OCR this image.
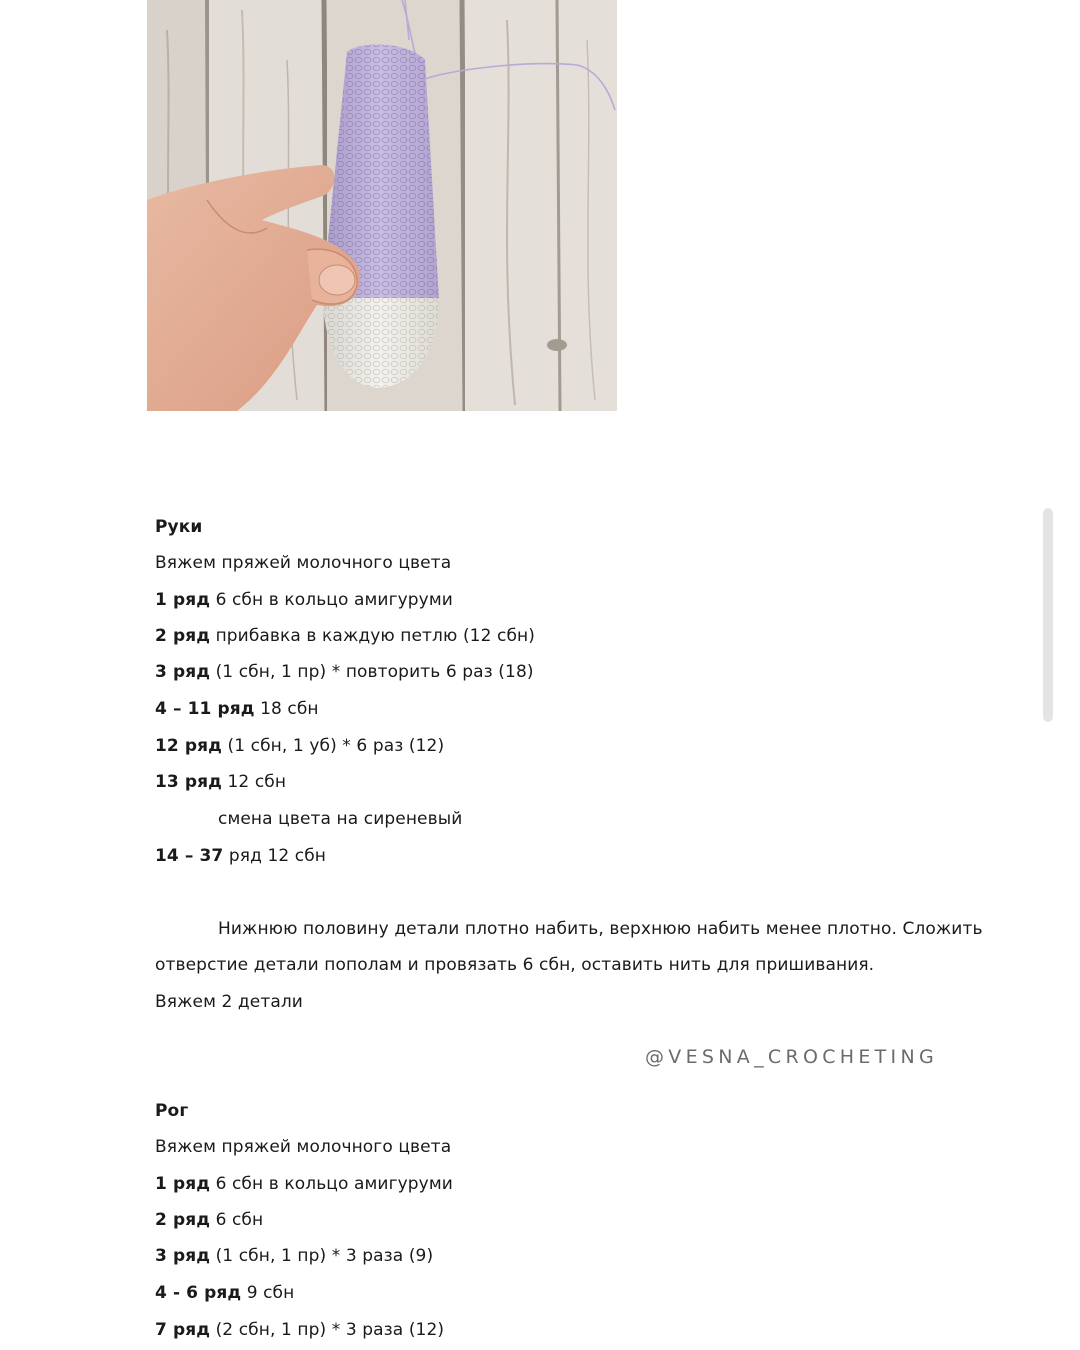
Руки
Вяжем пряжей молочного цвета
1 ряд 6 сбн в кольцо амигуруми
2 ряд прибавка в каждую петлю (12 сбн)
3 ряд (1 сбн, 1 пр) * повторить 6 раз (18)
4 – 11 ряд 18 сбн
12 ряд (1 сбн, 1 уб) * 6 раз (12)
13 ряд 12 сбн
смена цвета на сиреневый
14 – 37 ряд 12 сбн
Нижнюю половину детали плотно набить, верхнюю набить менее плотно. Сложить
отверстие детали пополам и провязать 6 сбн, оставить нить для пришивания.
Вяжем 2 детали
@VESNA_CROCHETING
Рог
Вяжем пряжей молочного цвета
1 ряд 6 сбн в кольцо амигуруми
2 ряд 6 сбн
3 ряд (1 сбн, 1 пр) * 3 раза (9)
4 - 6 ряд 9 сбн
7 ряд (2 сбн, 1 пр) * 3 раза (12)
